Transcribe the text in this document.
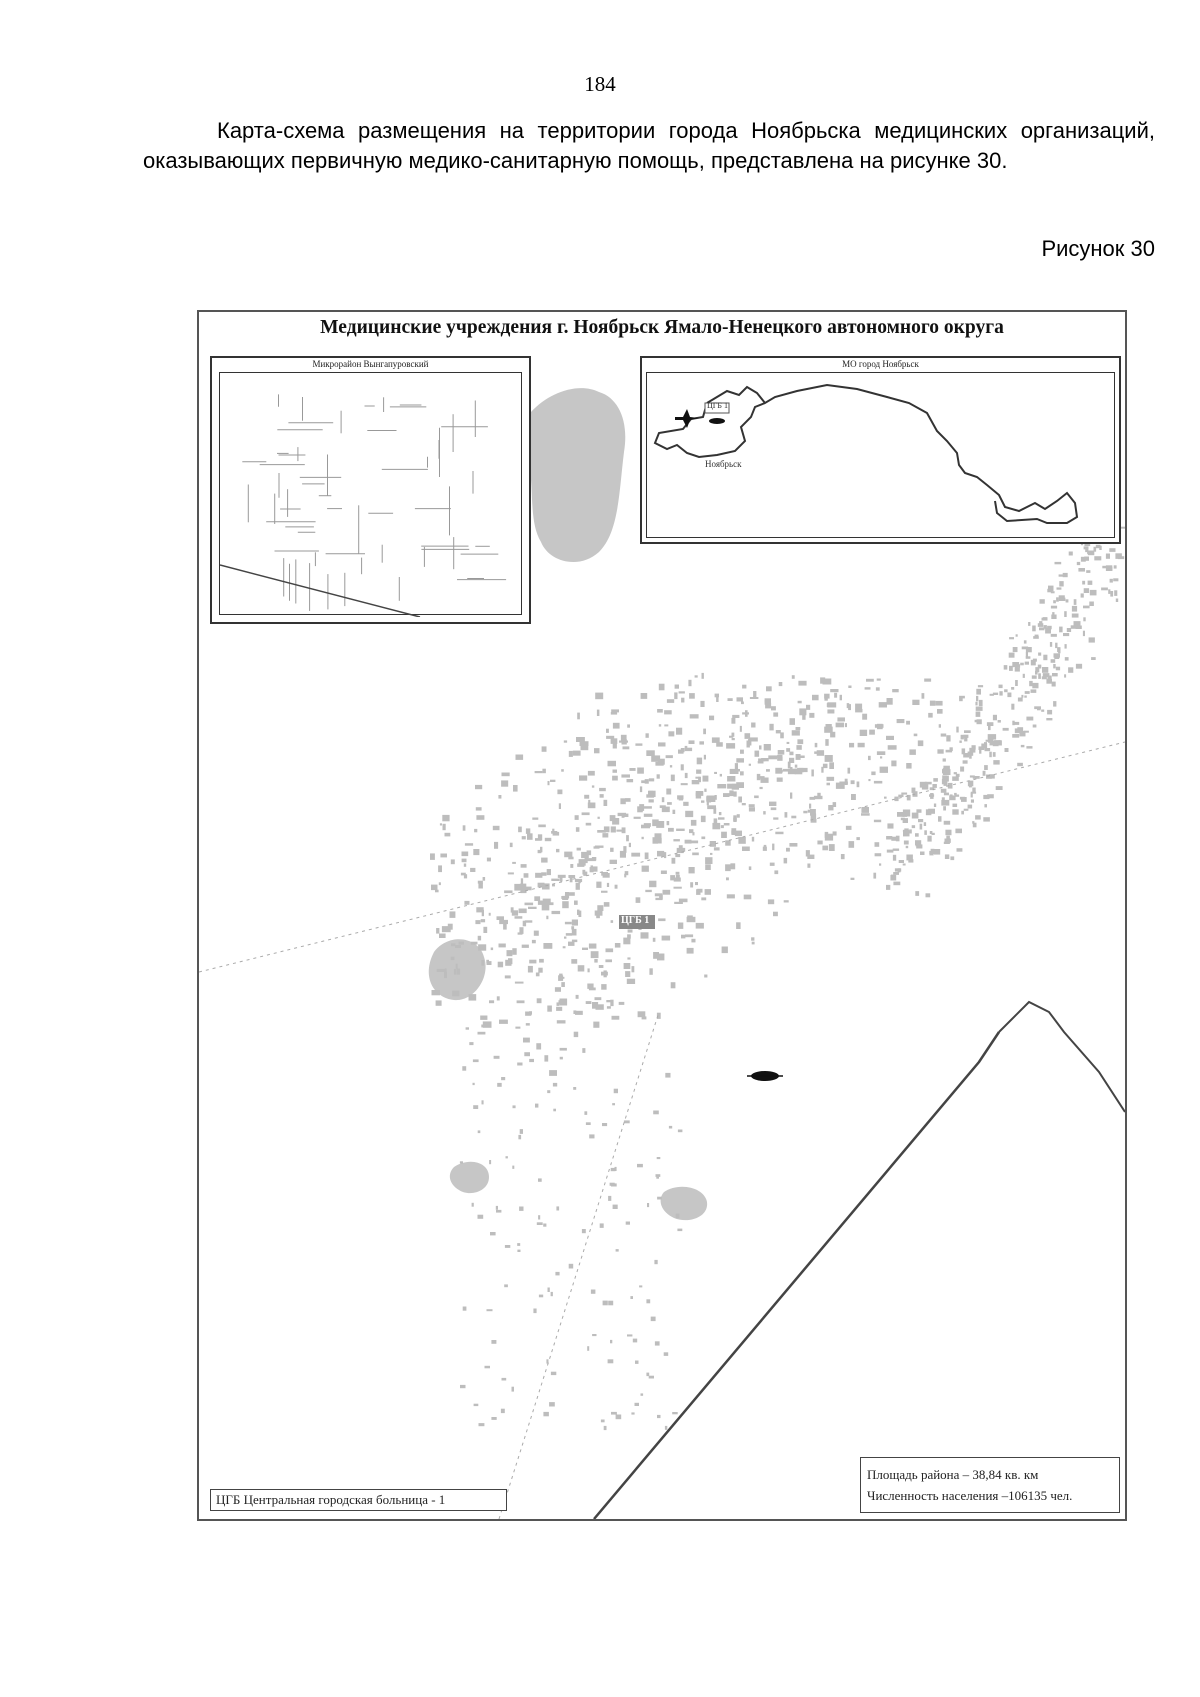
184

Карта-схема размещения на территории города Ноябрьска медицинских организаций, оказывающих первичную медико-санитарную помощь, представлена на рисунке 30.

Рисунок 30
Медицинские учреждения г. Ноябрьск Ямало-Ненецкого автономного округа
Микрорайон Вынгапуровский	МО город Ноябрьск
ЦГБ 1
Ноябрьск
ЦГБ 1
ЦГБ Центральная городская больница - 1
Площадь района – 38,84 кв. км
Численность населения –106135 чел.
